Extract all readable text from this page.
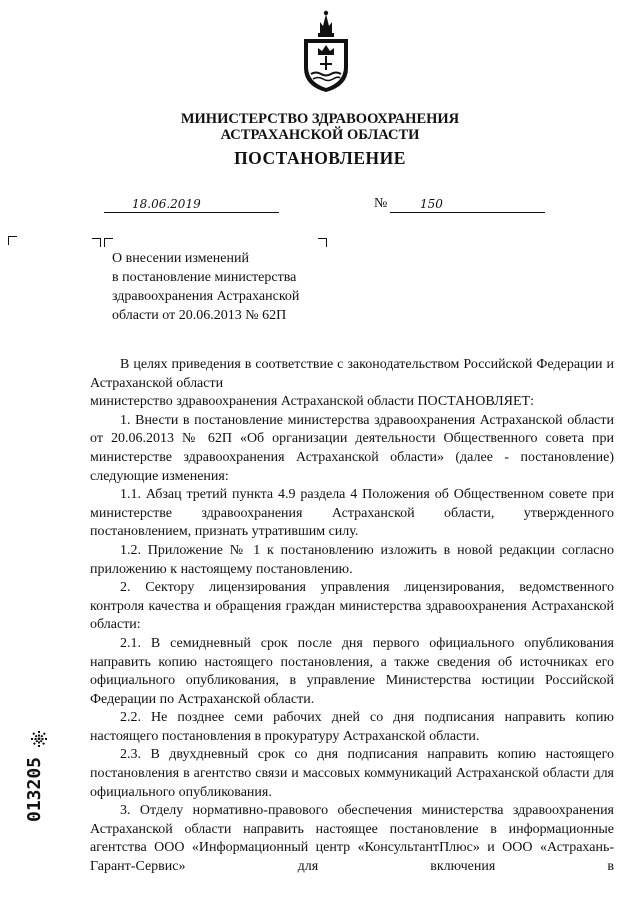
МИНИСТЕРСТВО ЗДРАВООХРАНЕНИЯ
АСТРАХАНСКОЙ ОБЛАСТИ
ПОСТАНОВЛЕНИЕ
18.06.2019	№	150
О внесении изменений
в постановление министерства
здравоохранения Астраханской
области от 20.06.2013 № 62П

В целях приведения в соответствие с законодательством Российской Федерации и Астраханской области

министерство здравоохранения Астраханской области ПОСТАНОВЛЯЕТ:

1. Внести в постановление министерства здравоохранения Астраханской области от 20.06.2013 № 62П «Об организации деятельности Общественного совета при министерстве здравоохранения Астраханской области» (далее - постановление) следующие изменения:

1.1. Абзац третий пункта 4.9 раздела 4 Положения об Общественном совете при министерстве здравоохранения Астраханской области, утвержденного постановлением, признать утратившим силу.

1.2. Приложение № 1 к постановлению изложить в новой редакции согласно приложению к настоящему постановлению.

2. Сектору лицензирования управления лицензирования, ведомственного контроля качества и обращения граждан министерства здравоохранения Астраханской области:

2.1. В семидневный срок после дня первого официального опубликования направить копию настоящего постановления, а также сведения об источниках его официального опубликования, в управление Министерства юстиции Российской Федерации по Астраханской области.

2.2. Не позднее семи рабочих дней со дня подписания направить копию настоящего постановления в прокуратуру Астраханской области.

2.3. В двухдневный срок со дня подписания направить копию настоящего постановления в агентство связи и массовых коммуникаций Астраханской области для официального опубликования.

3. Отделу нормативно-правового обеспечения министерства здравоохранения Астраханской области направить настоящее постановление в информационные агентства ООО «Информационный центр «КонсультантПлюс» и ООО «Астрахань-Гарант-Сервис» для включения в

013205
